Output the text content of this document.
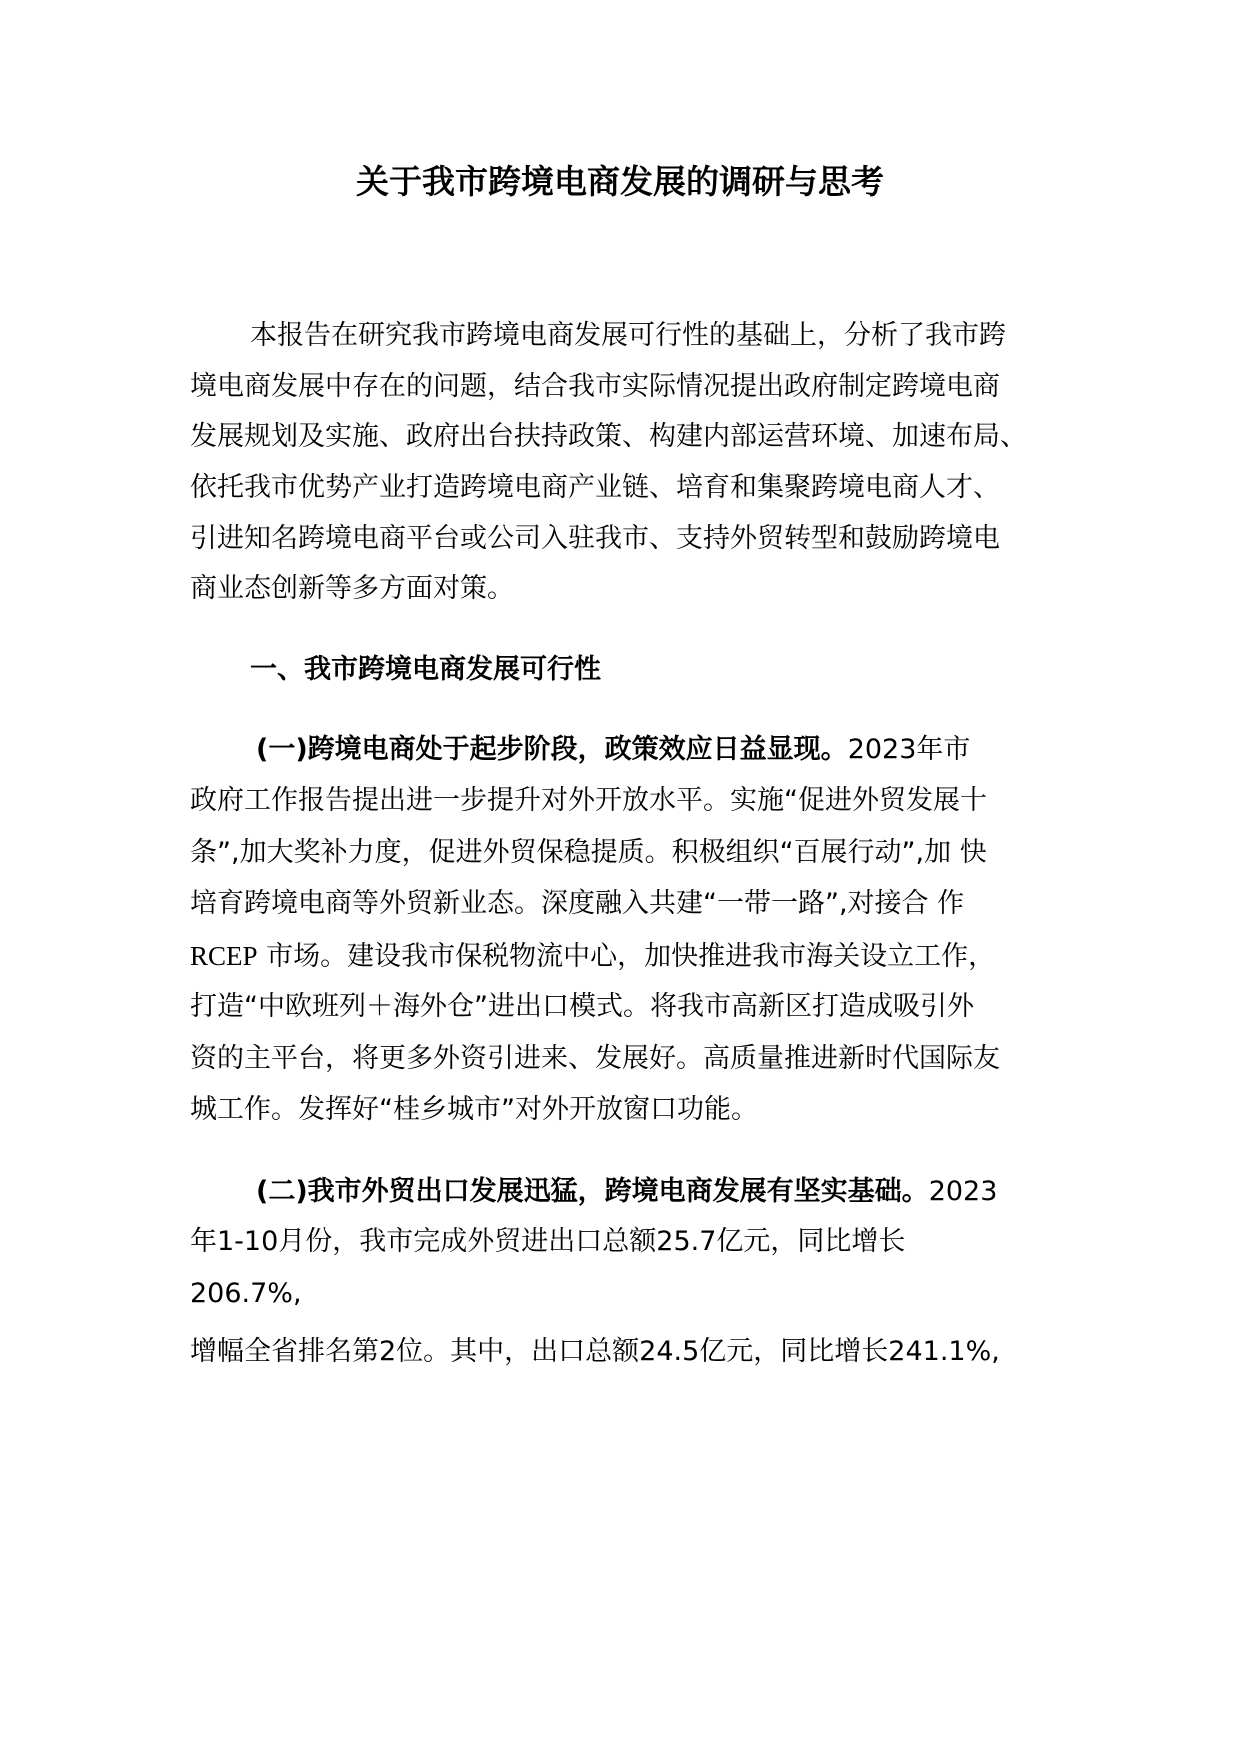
关于我市跨境电商发展的调研与思考

本报告在研究我市跨境电商发展可行性的基础上，分析了我市跨

境电商发展中存在的问题，结合我市实际情况提出政府制定跨境电商

发展规划及实施、政府出台扶持政策、构建内部运营环境、加速布局、

依托我市优势产业打造跨境电商产业链、培育和集聚跨境电商人才、

引进知名跨境电商平台或公司入驻我市、支持外贸转型和鼓励跨境电

商业态创新等多方面对策。

一、我市跨境电商发展可行性

(一)跨境电商处于起步阶段，政策效应日益显现。2023年市

政府工作报告提出进一步提升对外开放水平。实施“促进外贸发展十

条”,加大奖补力度，促进外贸保稳提质。积极组织“百展行动”,加 快

培育跨境电商等外贸新业态。深度融入共建“一带一路”,对接合 作

RCEP 市场。建设我市保税物流中心，加快推进我市海关设立工作，

打造“中欧班列＋海外仓”进出口模式。将我市高新区打造成吸引外

资的主平台，将更多外资引进来、发展好。高质量推进新时代国际友

城工作。发挥好“桂乡城市”对外开放窗口功能。

(二)我市外贸出口发展迅猛，跨境电商发展有坚实基础。2023

年1-10月份，我市完成外贸进出口总额25.7亿元，同比增长

206.7%,

增幅全省排名第2位。其中，出口总额24.5亿元，同比增长241.1%,
